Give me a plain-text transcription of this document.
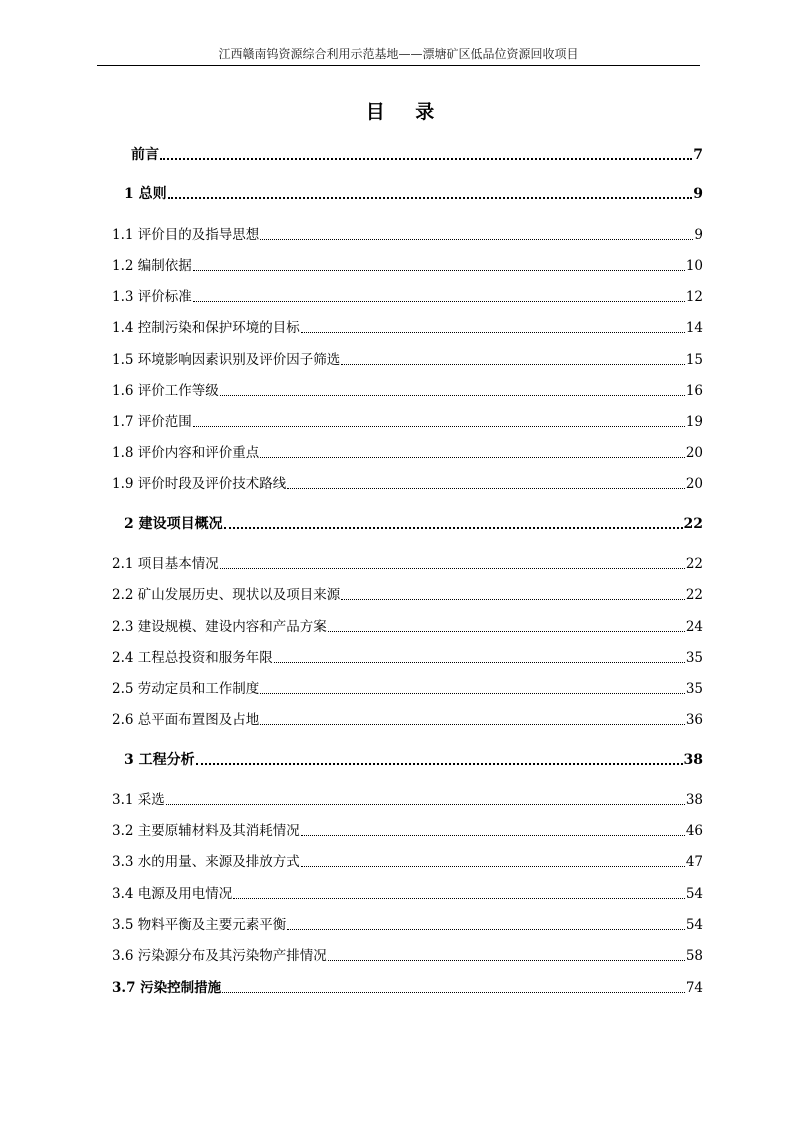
江西赣南钨资源综合利用示范基地——漂塘矿区低品位资源回收项目
目 录
前言	7
1 总则	9
1.1 评价目的及指导思想	9
1.2 编制依据	10
1.3 评价标准	12
1.4 控制污染和保护环境的目标	14
1.5 环境影响因素识别及评价因子筛选	15
1.6 评价工作等级	16
1.7 评价范围	19
1.8 评价内容和评价重点	20
1.9 评价时段及评价技术路线	20
2 建设项目概况	22
2.1 项目基本情况	22
2.2 矿山发展历史、现状以及项目来源	22
2.3 建设规模、建设内容和产品方案	24
2.4 工程总投资和服务年限	35
2.5 劳动定员和工作制度	35
2.6 总平面布置图及占地	36
3 工程分析	38
3.1 采选	38
3.2 主要原辅材料及其消耗情况	46
3.3 水的用量、来源及排放方式	47
3.4 电源及用电情况	54
3.5 物料平衡及主要元素平衡	54
3.6 污染源分布及其污染物产排情况	58
3.7 污染控制措施	74
